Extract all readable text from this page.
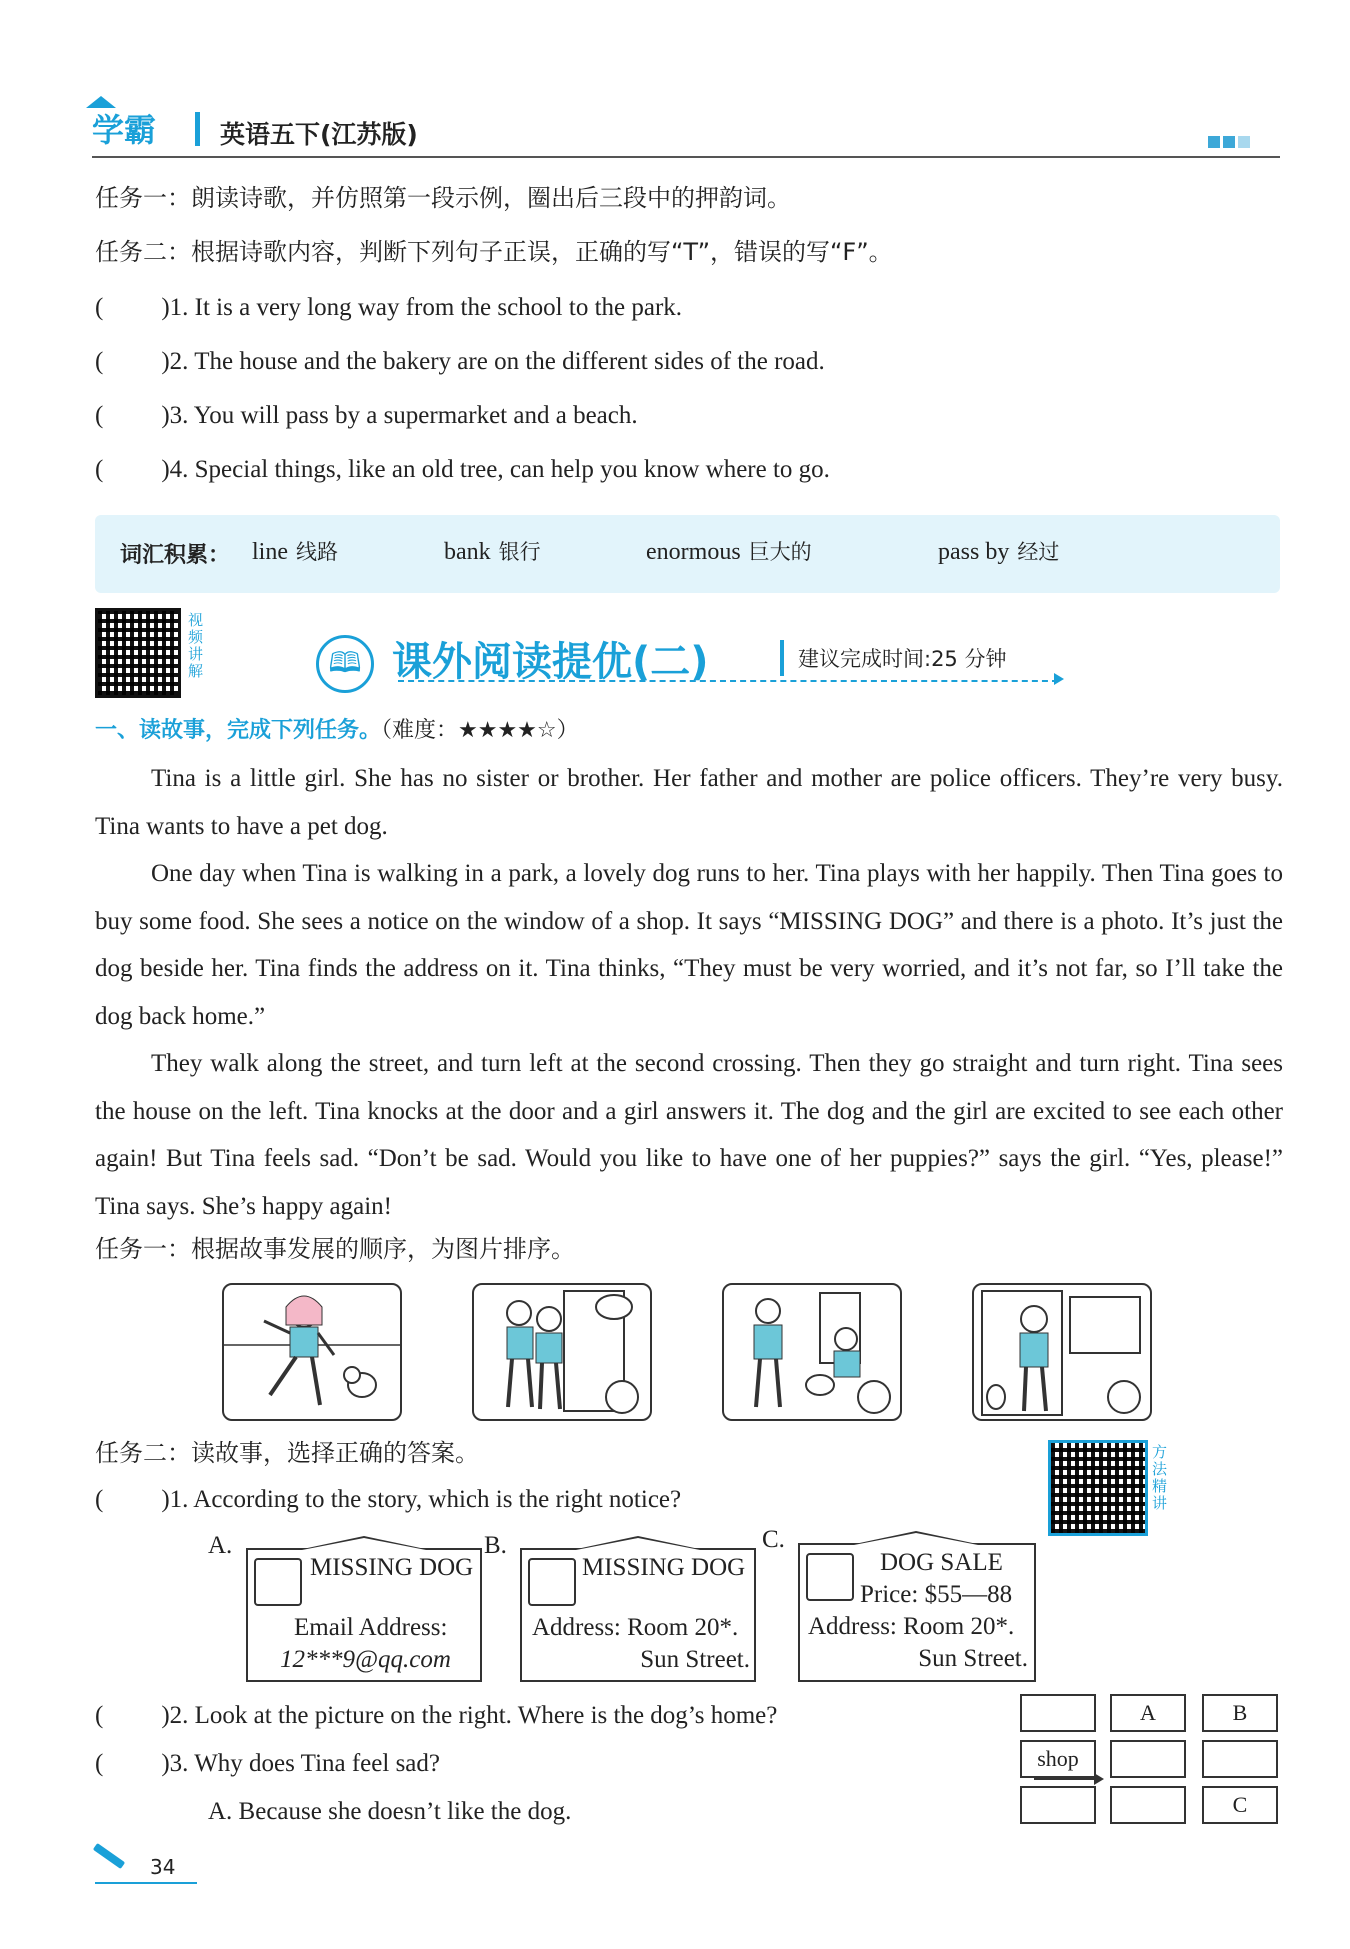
学霸	英语五下(江苏版)
任务一：朗读诗歌，并仿照第一段示例，圈出后三段中的押韵词。
任务二：根据诗歌内容，判断下列句子正误，正确的写“T”，错误的写“F”。
( )1. It is a very long way from the school to the park.
( )2. The house and the bakery are on the different sides of the road.
( )3. You will pass by a supermarket and a beach.
( )4. Special things, like an old tree, can help you know where to go.
词汇积累： line 线路	bank 银行	enormous 巨大的	pass by 经过
视
频
讲
解	🕮 课外阅读提优(二)	建议完成时间:25 分钟
一、读故事，完成下列任务。（难度：★★★★☆）

Tina is a little girl. She has no sister or brother. Her father and mother are police officers. They’re very busy. Tina wants to have a pet dog.

One day when Tina is walking in a park, a lovely dog runs to her. Tina plays with her happily. Then Tina goes to buy some food. She sees a notice on the window of a shop. It says “MISSING DOG” and there is a photo. It’s just the dog beside her. Tina finds the address on it. Tina thinks, “They must be very worried, and it’s not far, so I’ll take the dog back home.”

They walk along the street, and turn left at the second crossing. Then they go straight and turn right. Tina sees the house on the left. Tina knocks at the door and a girl answers it. The dog and the girl are excited to see each other again! But Tina feels sad. “Don’t be sad. Would you like to have one of her puppies?” says the girl. “Yes, please!” Tina says. She’s happy again!

任务一：根据故事发展的顺序，为图片排序。
任务二：读故事，选择正确的答案。	方
法
精
讲
( )1. According to the story, which is the right notice?
A.
MISSING DOG
Email Address:
12***9@qq.com
B.
MISSING DOG
Address: Room 20*.
Sun Street.
C.
DOG SALE
Price: $55—88
Address: Room 20*.
Sun Street.
( )2. Look at the picture on the right. Where is the dog’s home?
( )3. Why does Tina feel sad?
A. Because she doesn’t like the dog.
A	B
shop
C
34
